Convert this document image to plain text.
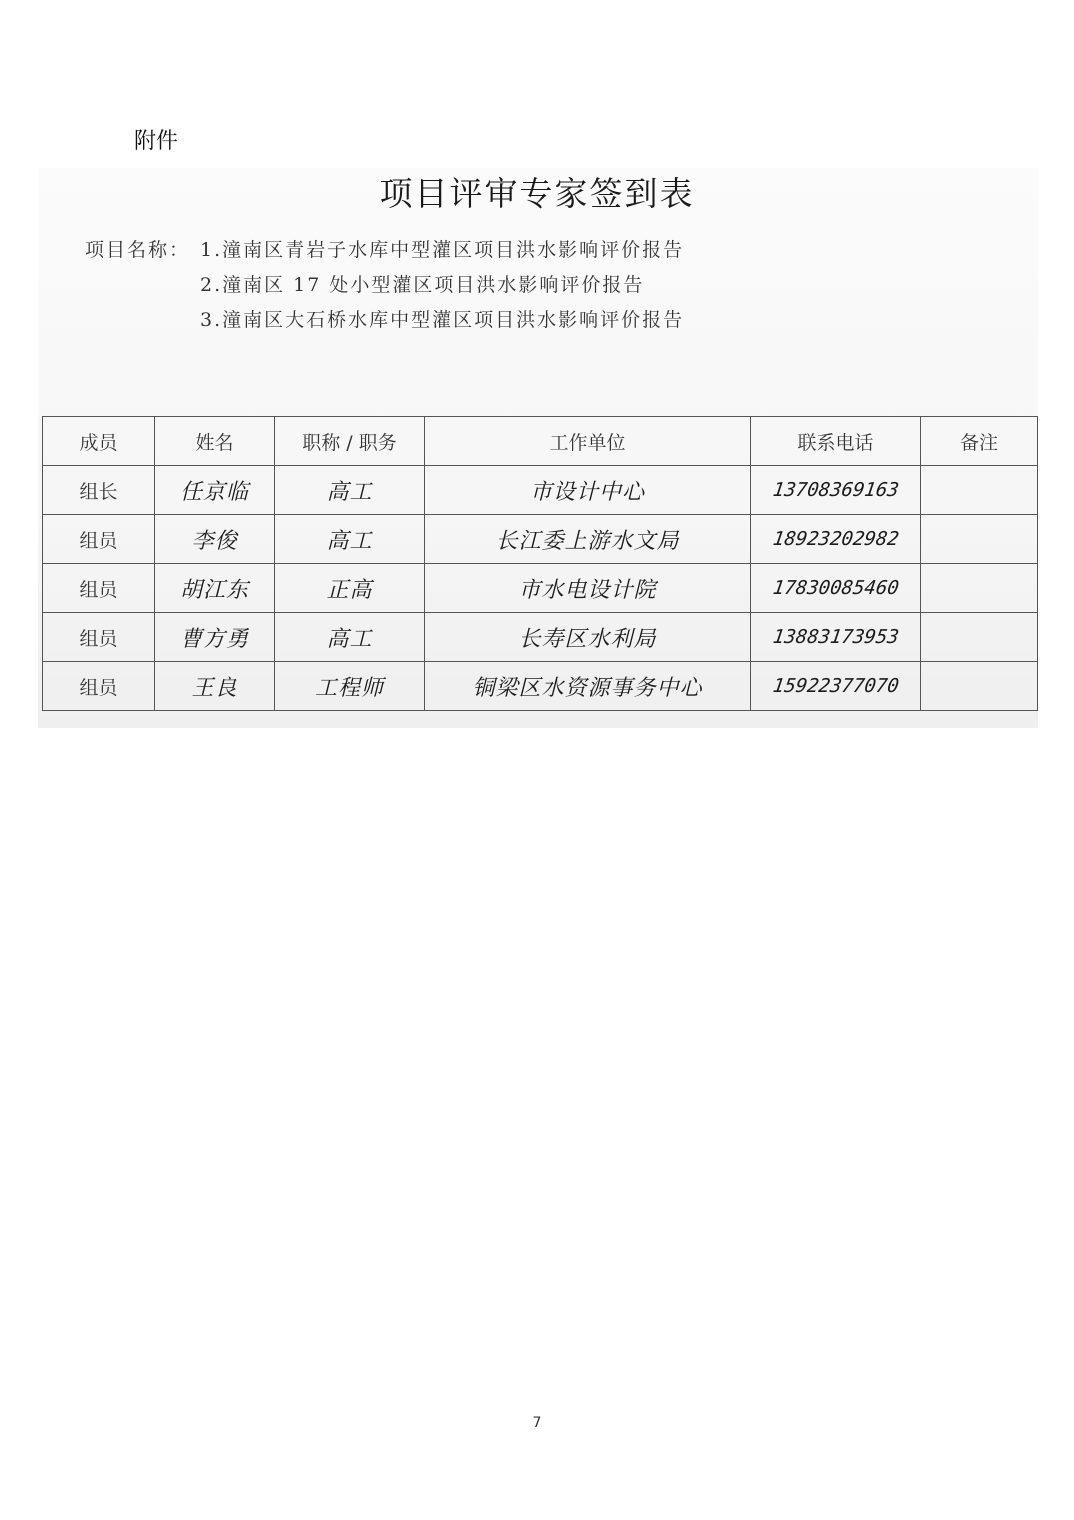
附件
项目评审专家签到表
项目名称： 1.潼南区青岩子水库中型灌区项目洪水影响评价报告
2.潼南区 17 处小型灌区项目洪水影响评价报告
3.潼南区大石桥水库中型灌区项目洪水影响评价报告
成员	姓名	职称 / 职务	工作单位	联系电话	备注
组长	任京临	高工	市设计中心	13708369163	
组员	李俊	高工	长江委上游水文局	18923202982	
组员	胡江东	正高	市水电设计院	17830085460	
组员	曹方勇	高工	长寿区水利局	13883173953	
组员	王良	工程师	铜梁区水资源事务中心	15922377070	
7
